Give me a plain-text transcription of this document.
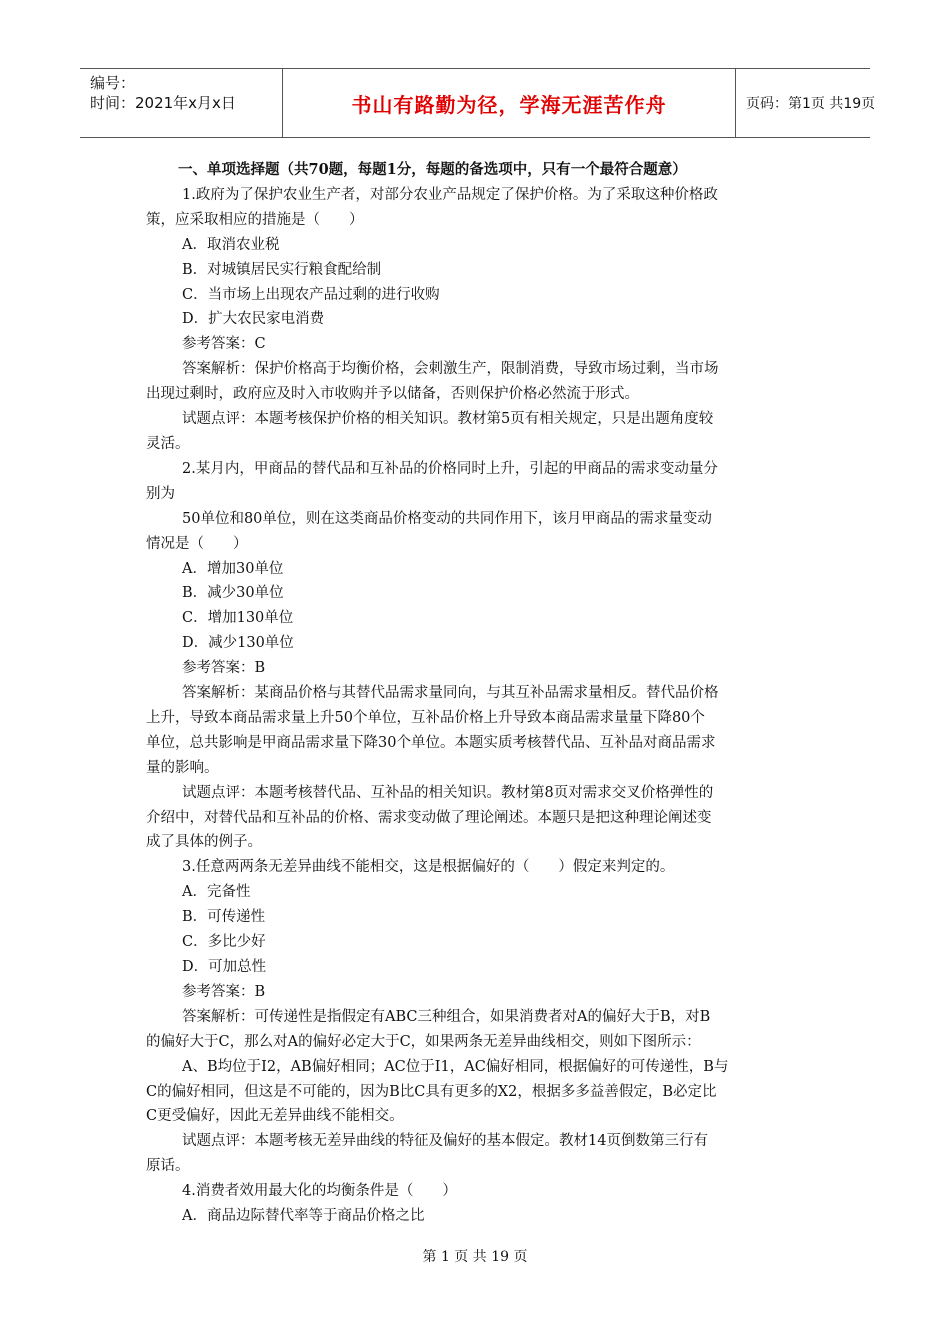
编号：
时间：2021年x月x日	书山有路勤为径，学海无涯苦作舟	页码：第1页 共19页

一、单项选择题（共70题，每题1分，每题的备选项中，只有一个最符合题意）

1.政府为了保护农业生产者，对部分农业产品规定了保护价格。为了采取这种价格政

策，应采取相应的措施是（　　）

A．取消农业税

B．对城镇居民实行粮食配给制

C．当市场上出现农产品过剩的进行收购

D．扩大农民家电消费

参考答案：C

答案解析：保护价格高于均衡价格，会刺激生产，限制消费，导致市场过剩，当市场

出现过剩时，政府应及时入市收购并予以储备，否则保护价格必然流于形式。

试题点评：本题考核保护价格的相关知识。教材第5页有相关规定，只是出题角度较

灵活。

2.某月内，甲商品的替代品和互补品的价格同时上升，引起的甲商品的需求变动量分

别为

50单位和80单位，则在这类商品价格变动的共同作用下，该月甲商品的需求量变动

情况是（　　）

A．增加30单位

B．减少30单位

C．增加130单位

D．减少130单位

参考答案：B

答案解析：某商品价格与其替代品需求量同向，与其互补品需求量相反。替代品价格

上升，导致本商品需求量上升50个单位，互补品价格上升导致本商品需求量量下降80个

单位，总共影响是甲商品需求量下降30个单位。本题实质考核替代品、互补品对商品需求

量的影响。

试题点评：本题考核替代品、互补品的相关知识。教材第8页对需求交叉价格弹性的

介绍中，对替代品和互补品的价格、需求变动做了理论阐述。本题只是把这种理论阐述变

成了具体的例子。

3.任意两两条无差异曲线不能相交，这是根据偏好的（　　）假定来判定的。

A．完备性

B．可传递性

C．多比少好

D．可加总性

参考答案：B

答案解析：可传递性是指假定有ABC三种组合，如果消费者对A的偏好大于B，对B

的偏好大于C，那么对A的偏好必定大于C，如果两条无差异曲线相交，则如下图所示：

A、B均位于I2，AB偏好相同；AC位于I1，AC偏好相同，根据偏好的可传递性，B与

C的偏好相同，但这是不可能的，因为B比C具有更多的X2，根据多多益善假定，B必定比

C更受偏好，因此无差异曲线不能相交。

试题点评：本题考核无差异曲线的特征及偏好的基本假定。教材14页倒数第三行有

原话。

4.消费者效用最大化的均衡条件是（　　）

A．商品边际替代率等于商品价格之比

第 1 页 共 19 页
